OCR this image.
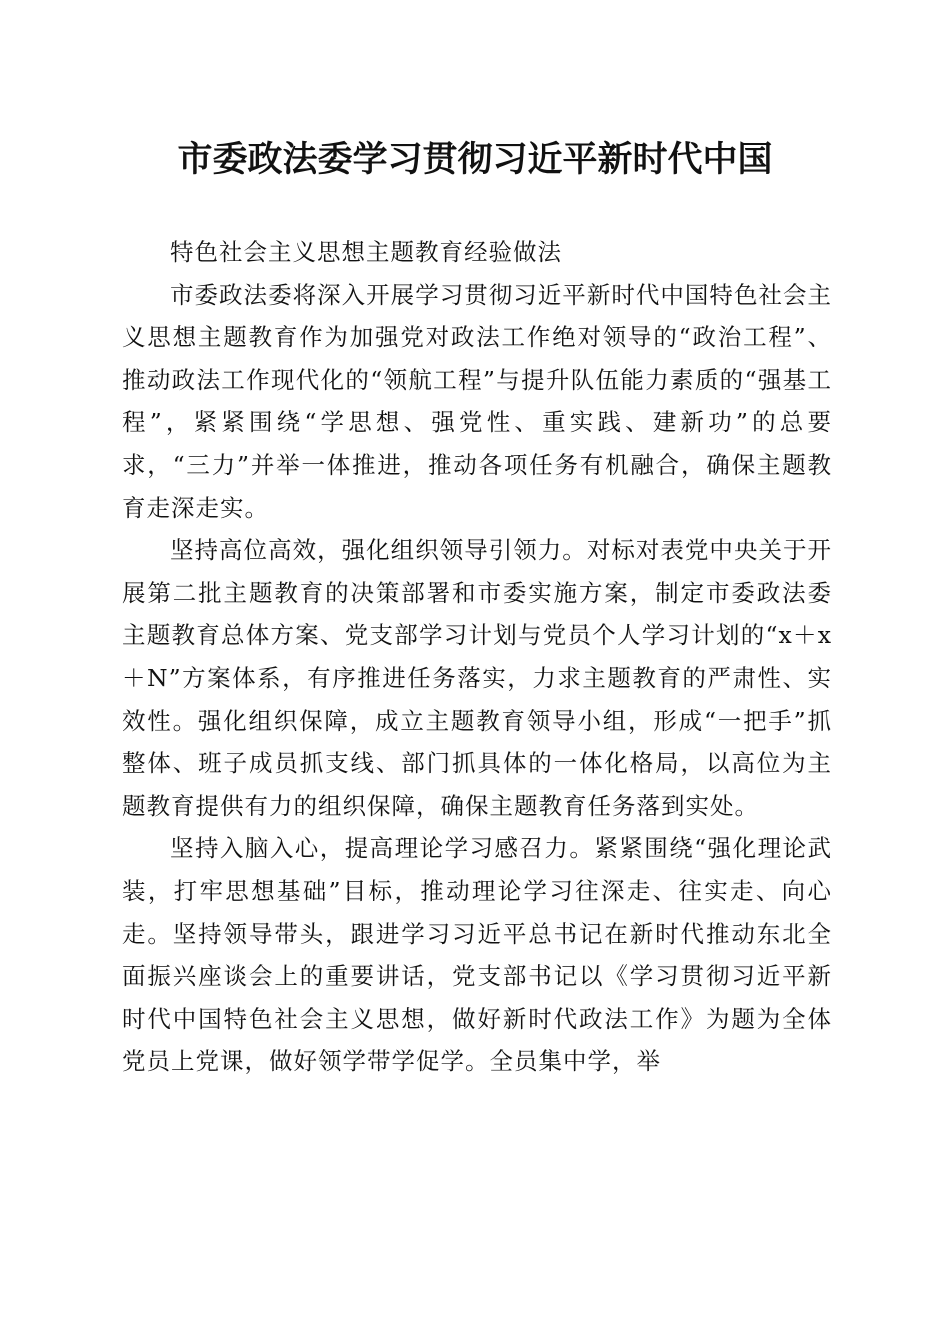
市委政法委学习贯彻习近平新时代中国

特色社会主义思想主题教育经验做法

市委政法委将深入开展学习贯彻习近平新时代中国特色社会主义思想主题教育作为加强党对政法工作绝对领导的“政治工程”、推动政法工作现代化的“领航工程”与提升队伍能力素质的“强基工程”，紧紧围绕“学思想、强党性、重实践、建新功”的总要求，“三力”并举一体推进，推动各项任务有机融合，确保主题教育走深走实。

坚持高位高效，强化组织领导引领力。对标对表党中央关于开展第二批主题教育的决策部署和市委实施方案，制定市委政法委主题教育总体方案、党支部学习计划与党员个人学习计划的“x＋x＋N”方案体系，有序推进任务落实，力求主题教育的严肃性、实效性。强化组织保障，成立主题教育领导小组，形成“一把手”抓整体、班子成员抓支线、部门抓具体的一体化格局，以高位为主题教育提供有力的组织保障，确保主题教育任务落到实处。

坚持入脑入心，提高理论学习感召力。紧紧围绕“强化理论武装，打牢思想基础”目标，推动理论学习往深走、往实走、向心走。坚持领导带头，跟进学习习近平总书记在新时代推动东北全面振兴座谈会上的重要讲话，党支部书记以《学习贯彻习近平新时代中国特色社会主义思想，做好新时代政法工作》为题为全体党员上党课，做好领学带学促学。全员集中学，举
